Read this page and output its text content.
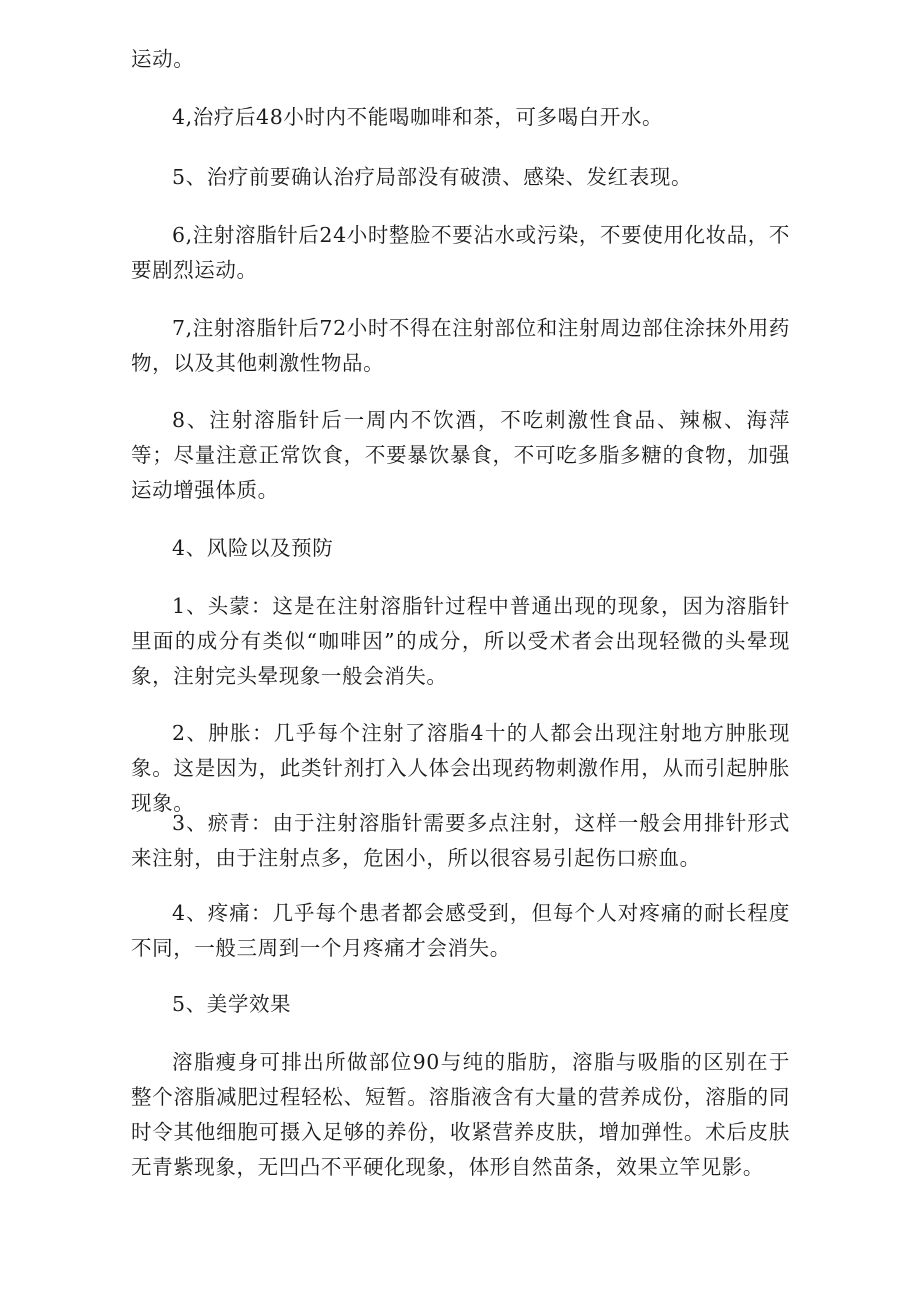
运动。

4,治疗后48小时内不能喝咖啡和茶，可多喝白开水。

5、治疗前要确认治疗局部没有破溃、感染、发红表现。

6,注射溶脂针后24小时整脸不要沾水或污染，不要使用化妆品，不要剧烈运动。

7,注射溶脂针后72小时不得在注射部位和注射周边部住涂抹外用药物，以及其他刺激性物品。

8、注射溶脂针后一周内不饮酒，不吃刺激性食品、辣椒、海萍等；尽量注意正常饮食，不要暴饮暴食，不可吃多脂多糖的食物，加强运动增强体质。

4、风险以及预防

1、头蒙：这是在注射溶脂针过程中普通出现的现象，因为溶脂针里面的成分有类似“咖啡因”的成分，所以受术者会出现轻微的头晕现象，注射完头晕现象一般会消失。

2、肿胀：几乎每个注射了溶脂4十的人都会出现注射地方肿胀现象。这是因为，此类针剂打入人体会出现药物刺激作用，从而引起肿胀现象。

3、瘀青：由于注射溶脂针需要多点注射，这样一般会用排针形式来注射，由于注射点多，危困小，所以很容易引起伤口瘀血。

4、疼痛：几乎每个患者都会感受到，但每个人对疼痛的耐长程度不同，一般三周到一个月疼痛才会消失。

5、美学效果

溶脂瘦身可排出所做部位90与纯的脂肪，溶脂与吸脂的区别在于整个溶脂减肥过程轻松、短暂。溶脂液含有大量的营养成份，溶脂的同时令其他细胞可摄入足够的养份，收紧营养皮肤，增加弹性。术后皮肤无青紫现象，无凹凸不平硬化现象，体形自然苗条，效果立竿见影。
